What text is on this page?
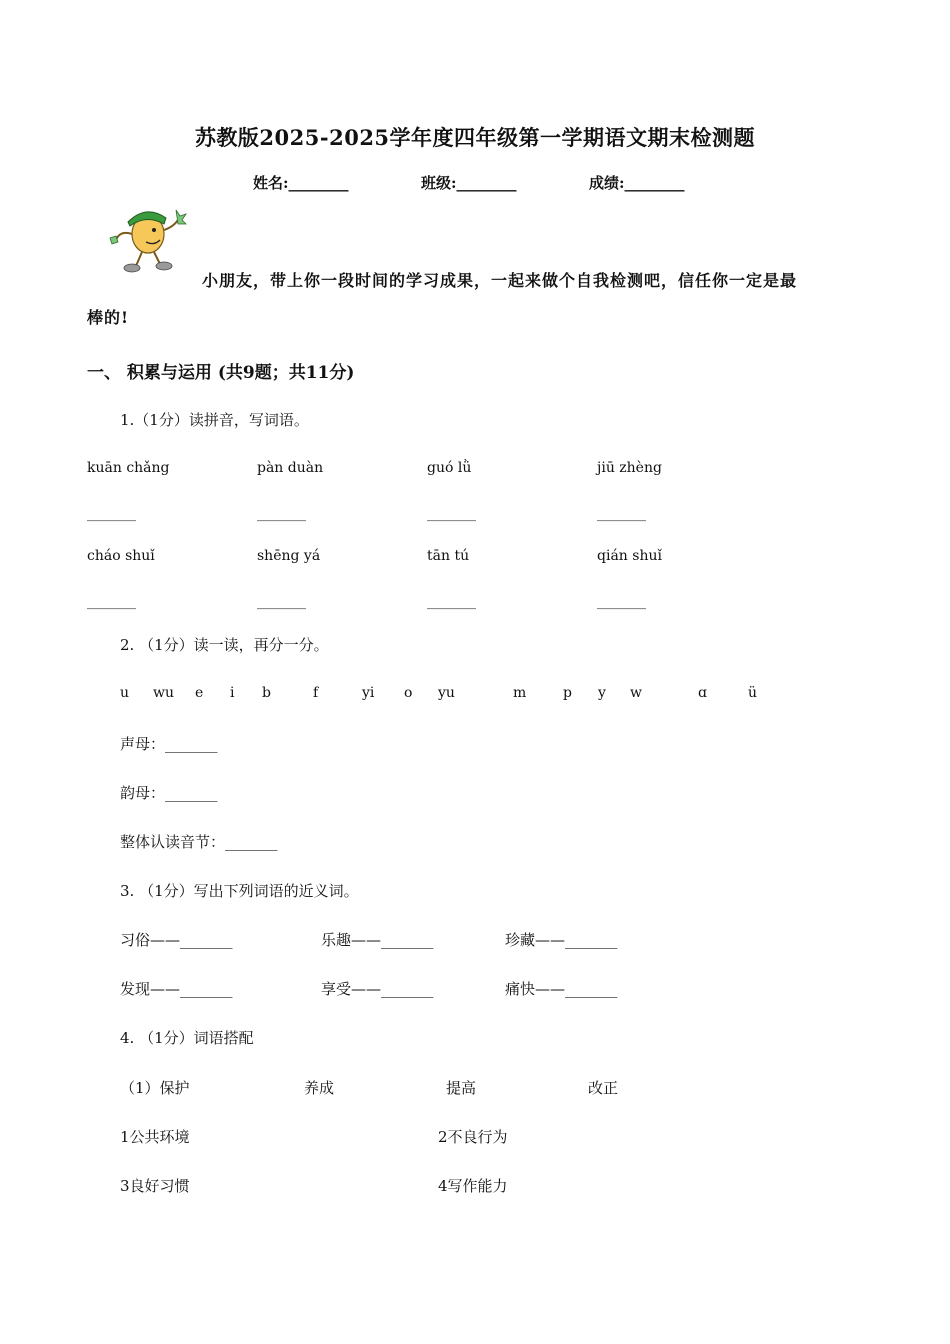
苏教版2025-2025学年度四年级第一学期语文期末检测题
姓名:________	班级:________	成绩:________
小朋友，带上你一段时间的学习成果，一起来做个自我检测吧，信任你一定是最
棒的!
一、 积累与运用 (共9题；共11分)
1.（1分）读拼音，写词语。
kuān chǎng	pàn duàn	guó lǜ	jiū zhèng
_______	_______	_______	_______
cháo shuǐ	shēng yá	tān tú	qián shuǐ
_______	_______	_______	_______
2. （1分）读一读，再分一分。
u wu e i b	f	yi o yu	m	p y w	ɑ	ü
声母：_______
韵母：_______
整体认读音节：_______
3. （1分）写出下列词语的近义词。
习俗——_______	乐趣——_______	珍藏——_______
发现——_______	享受——_______	痛快——_______
4. （1分）词语搭配
（1）保护	养成	提高	改正
1公共环境	2不良行为
3良好习惯	4写作能力
